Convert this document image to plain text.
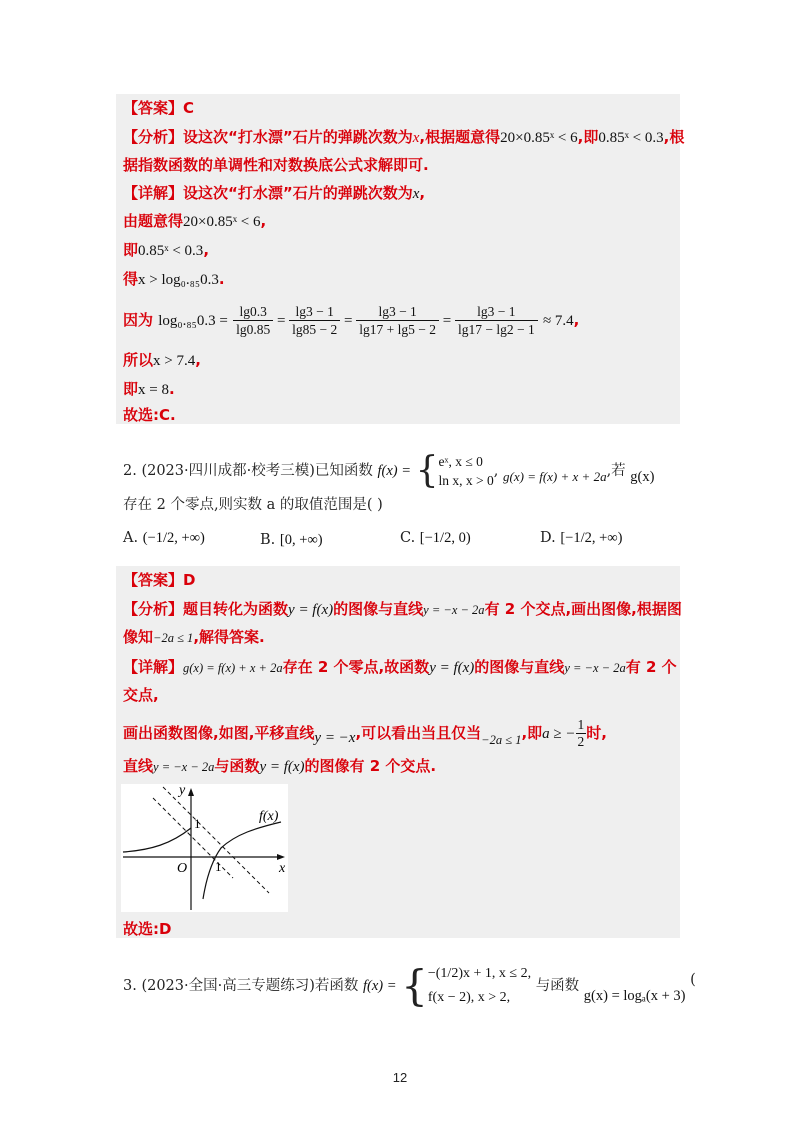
【答案】C
【分析】设这次“打水漂”石片的弹跳次数为x,根据题意得20×0.85ˣ < 6,即0.85ˣ < 0.3,根
据指数函数的单调性和对数换底公式求解即可.
【详解】设这次“打水漂”石片的弹跳次数为x,
由题意得20×0.85ˣ < 6,
即0.85ˣ < 0.3,
得x > log₀.₈₅0.3.
因为 $\log_0._{85}0.3 = \frac{\lg 0.3}{\lg 0.85} = \frac{\lg 3 - 1}{\lg 85 - 2} = \frac{\lg 3 - 1}{\lg 17 + \lg 5 - 2} = \frac{\lg 3 - 1}{\lg 17 - \lg 2 - 1} \approx 7.4$,
所以x > 7.4,
即x = 8.
故选:C.
2. (2023·四川成都·校考三模)已知函数 f(x) = { eˣ, x ≤ 0
ln x, x > 0
, g(x) = f(x) + x + 2a,若 g(x)
存在 2 个零点,则实数 a 的取值范围是( )
A. (−1/2, +∞)	B. [0, +∞)	C. [−1/2, 0)	D. [−1/2, +∞)
【答案】D
【分析】题目转化为函数y = f(x)的图像与直线y = −x − 2a有 2 个交点,画出图像,根据图
像知−2a ≤ 1,解得答案.
【详解】g(x) = f(x) + x + 2a存在 2 个零点,故函数y = f(x)的图像与直线y = −x − 2a有 2 个
交点,
画出函数图像,如图,平移直线y = −x,可以看出当且仅当$_{-2a \le 1}$,即a ≥ − $\frac{1}{2}$ 时,
直线y = −x − 2a与函数y = f(x)的图像有 2 个交点.
y
x
O
1
1
f(x)
故选:D
3. (2023·全国·高三专题练习)若函数 f(x) = { −(1/2)x + 1, x ≤ 2,
f(x − 2), x > 2,
与函数 g(x) = logₐ(x + 3) (
12
